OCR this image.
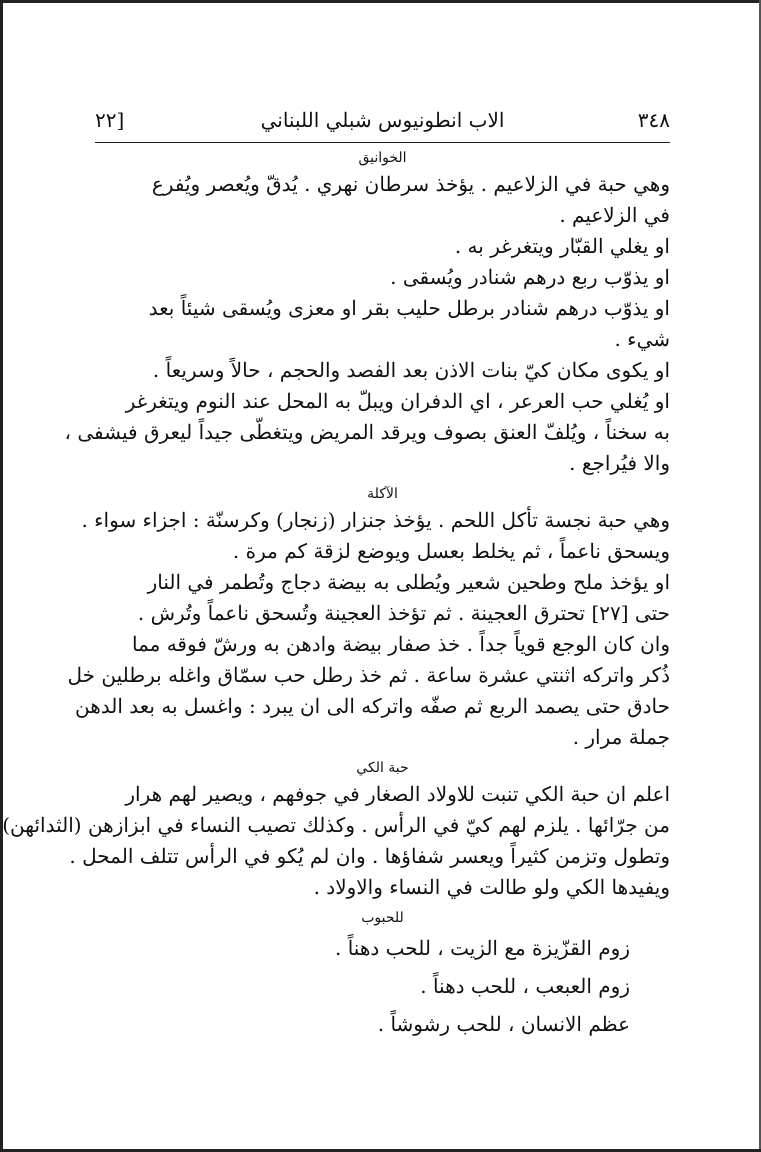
٣٤٨
الاب انطونيوس شبلي اللبناني
[٢٢
الخوانيق
وهي حبة في الزلاعيم . يؤخذ سرطان نهري . يُدقّ ويُعصر ويُفرع
في الزلاعيم .
او يغلي القبّار ويتغرغر به .
او يذوّب ربع درهم شنادر ويُسقى .
او يذوّب درهم شنادر برطل حليب بقر او معزى ويُسقى شيئاً بعد
شيء .
او يكوى مكان كيّ بنات الاذن بعد الفصد والحجم ، حالاً وسريعاً .
او يُغلي حب العرعر ، اي الدفران ويبلّ به المحل عند النوم ويتغرغر
به سخناً ، ويُلفّ العنق بصوف ويرقد المريض ويتغطّى جيداً ليعرق فيشفى ،
والا فيُراجع .
الآكلة
وهي حبة نجسة تأكل اللحم . يؤخذ جنزار (زنجار) وكرسنّة : اجزاء سواء .
ويسحق ناعماً ، ثم يخلط بعسل ويوضع لزقة كم مرة .
او يؤخذ ملح وطحين شعير ويُطلى به بيضة دجاج وتُطمر في النار
حتى [٢٧] تحترق العجينة . ثم تؤخذ العجينة وتُسحق ناعماً وتُرش .
وان كان الوجع قوياً جداً . خذ صفار بيضة وادهن به ورشّ فوقه مما
ذُكر واتركه اثنتي عشرة ساعة . ثم خذ رطل حب سمّاق واغله برطلين خل
حادق حتى يصمد الربع ثم صفّه واتركه الى ان يبرد : واغسل به بعد الدهن
جملة مرار .
حبة الكي
اعلم ان حبة الكي تنبت للاولاد الصغار في جوفهم ، ويصير لهم هرار
من جرّائها . يلزم لهم كيّ في الرأس . وكذلك تصيب النساء في ابزازهن (الثدائهن)
وتطول وتزمن كثيراً ويعسر شفاؤها . وان لم يُكو في الرأس تتلف المحل .
ويفيدها الكي ولو طالت في النساء والاولاد .
للحبوب
زوم القزّيزة مع الزيت ، للحب دهناً .
زوم العبعب ، للحب دهناً .
عظم الانسان ، للحب رشوشاً .
